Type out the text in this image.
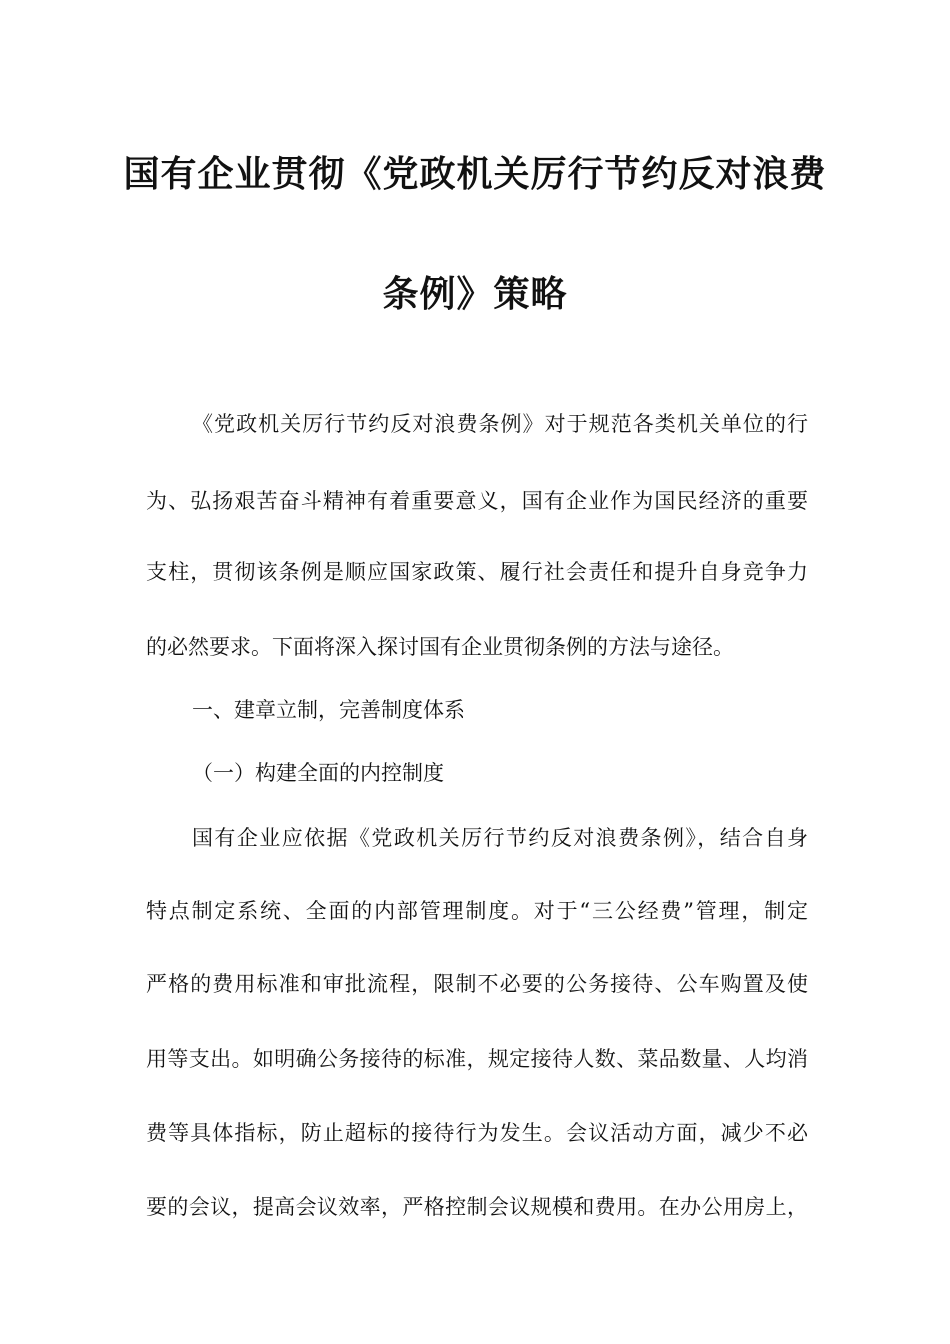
国有企业贯彻《党政机关厉行节约反对浪费
条例》策略
《党政机关厉行节约反对浪费条例》对于规范各类机关单位的行
为、弘扬艰苦奋斗精神有着重要意义，国有企业作为国民经济的重要
支柱，贯彻该条例是顺应国家政策、履行社会责任和提升自身竞争力
的必然要求。下面将深入探讨国有企业贯彻条例的方法与途径。
一、建章立制，完善制度体系
（一）构建全面的内控制度
国有企业应依据《党政机关厉行节约反对浪费条例》，结合自身
特点制定系统、全面的内部管理制度。对于“三公经费”管理，制定
严格的费用标准和审批流程，限制不必要的公务接待、公车购置及使
用等支出。如明确公务接待的标准，规定接待人数、菜品数量、人均消
费等具体指标，防止超标的接待行为发生。会议活动方面，减少不必
要的会议，提高会议效率，严格控制会议规模和费用。在办公用房上，
